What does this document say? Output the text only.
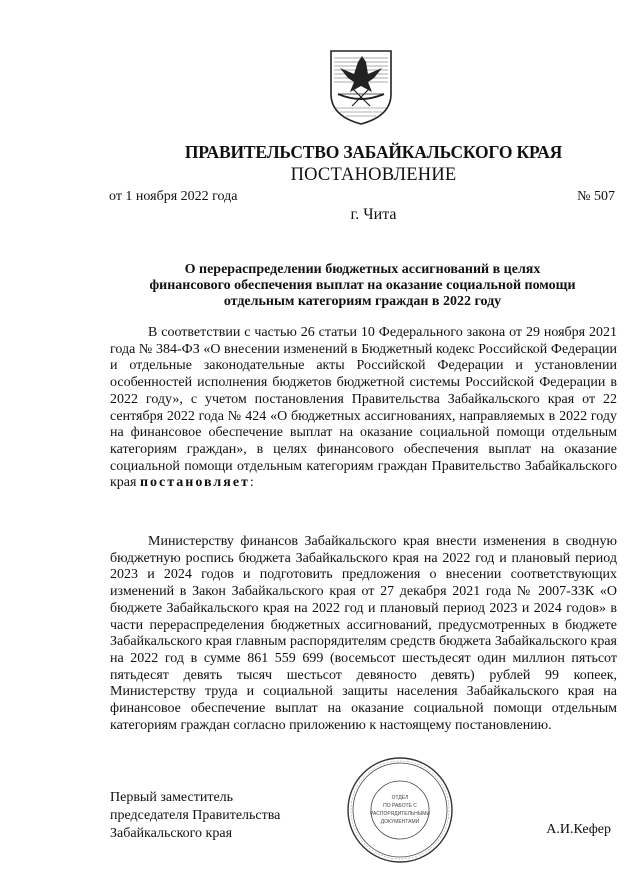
ПРАВИТЕЛЬСТВО ЗАБАЙКАЛЬСКОГО КРАЯ
ПОСТАНОВЛЕНИЕ
от 1 ноября 2022 года	№ 507
г. Чита
О перераспределении бюджетных ассигнований в целях
финансового обеспечения выплат на оказание социальной помощи
отдельным категориям граждан в 2022 году
В соответствии с частью 26 статьи 10 Федерального закона от 29 ноября 2021 года № 384-ФЗ «О внесении изменений в Бюджетный кодекс Российской Федерации и отдельные законодательные акты Российской Федерации и установлении особенностей исполнения бюджетов бюджетной системы Российской Федерации в 2022 году», с учетом постановления Правительства Забайкальского края от 22 сентября 2022 года № 424 «О бюджетных ассигнованиях, направляемых в 2022 году на финансовое обеспечение выплат на оказание социальной помощи отдельным категориям граждан», в целях финансового обеспечения выплат на оказание социальной помощи отдельным категориям граждан Правительство Забайкальского края постановляет:
Министерству финансов Забайкальского края внести изменения в сводную бюджетную роспись бюджета Забайкальского края на 2022 год и плановый период 2023 и 2024 годов и подготовить предложения о внесении соответствующих изменений в Закон Забайкальского края от 27 декабря 2021 года № 2007-ЗЗК «О бюджете Забайкальского края на 2022 год и плановый период 2023 и 2024 годов» в части перераспределения бюджетных ассигнований, предусмотренных в бюджете Забайкальского края главным распорядителям средств бюджета Забайкальского края на 2022 год в сумме 861 559 699 (восемьсот шестьдесят один миллион пятьсот пятьдесят девять тысяч шестьсот девяносто девять) рублей 99 копеек, Министерству труда и социальной защиты населения Забайкальского края на финансовое обеспечение выплат на оказание социальной помощи отдельным категориям граждан согласно приложению к настоящему постановлению.
ОТДЕЛ
ПО РАБОТЕ С
РАСПОРЯДИТЕЛЬНЫМИ
ДОКУМЕНТАМИ
Первый заместитель
председателя Правительства
Забайкальского края	А.И.Кефер
